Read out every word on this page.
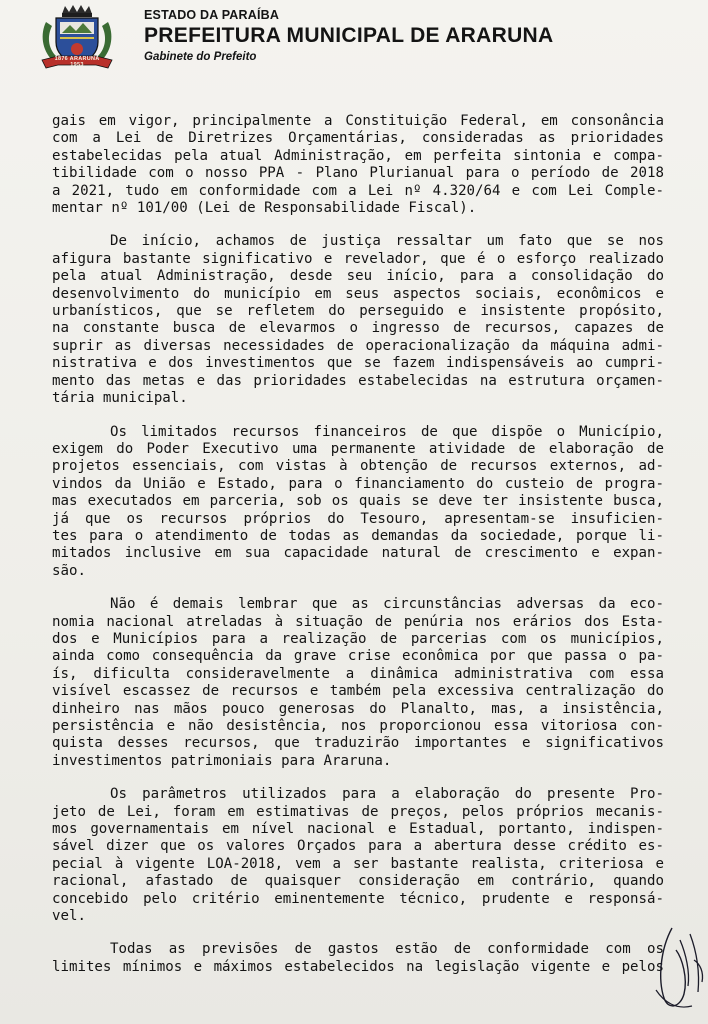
1876 ARARUNA 1953

ESTADO DA PARAÍBA

PREFEITURA MUNICIPAL DE ARARUNA

Gabinete do Prefeito

gais em vigor, principalmente a Constituição Federal, em consonância
com a Lei de Diretrizes Orçamentárias, consideradas as prioridades
estabelecidas pela atual Administração, em perfeita sintonia e compa-
tibilidade com o nosso PPA - Plano Plurianual para o período de 2018
a 2021, tudo em conformidade com a Lei nº 4.320/64 e com Lei Comple-
mentar nº 101/00 (Lei de Responsabilidade Fiscal).
De início, achamos de justiça ressaltar um fato que se nos
afigura bastante significativo e revelador, que é o esforço realizado
pela atual Administração, desde seu início, para a consolidação do
desenvolvimento do município em seus aspectos sociais, econômicos e
urbanísticos, que se refletem do perseguido e insistente propósito,
na constante busca de elevarmos o ingresso de recursos, capazes de
suprir as diversas necessidades de operacionalização da máquina admi-
nistrativa e dos investimentos que se fazem indispensáveis ao cumpri-
mento das metas e das prioridades estabelecidas na estrutura orçamen-
tária municipal.
Os limitados recursos financeiros de que dispõe o Município,
exigem do Poder Executivo uma permanente atividade de elaboração de
projetos essenciais, com vistas à obtenção de recursos externos, ad-
vindos da União e Estado, para o financiamento do custeio de progra-
mas executados em parceria, sob os quais se deve ter insistente busca,
já que os recursos próprios do Tesouro, apresentam-se insuficien-
tes para o atendimento de todas as demandas da sociedade, porque li-
mitados inclusive em sua capacidade natural de crescimento e expan-
são.
Não é demais lembrar que as circunstâncias adversas da eco-
nomia nacional atreladas à situação de penúria nos erários dos Esta-
dos e Municípios para a realização de parcerias com os municípios,
ainda como consequência da grave crise econômica por que passa o pa-
ís, dificulta consideravelmente a dinâmica administrativa com essa
visível escassez de recursos e também pela excessiva centralização do
dinheiro nas mãos pouco generosas do Planalto, mas, a insistência,
persistência e não desistência, nos proporcionou essa vitoriosa con-
quista desses recursos, que traduzirão importantes e significativos
investimentos patrimoniais para Araruna.
Os parâmetros utilizados para a elaboração do presente Pro-
jeto de Lei, foram em estimativas de preços, pelos próprios mecanis-
mos governamentais em nível nacional e Estadual, portanto, indispen-
sável dizer que os valores Orçados para a abertura desse crédito es-
pecial à vigente LOA-2018, vem a ser bastante realista, criteriosa e
racional, afastado de quaisquer consideração em contrário, quando
concebido pelo critério eminentemente técnico, prudente e responsá-
vel.
Todas as previsões de gastos estão de conformidade com os
limites mínimos e máximos estabelecidos na legislação vigente e pelos
